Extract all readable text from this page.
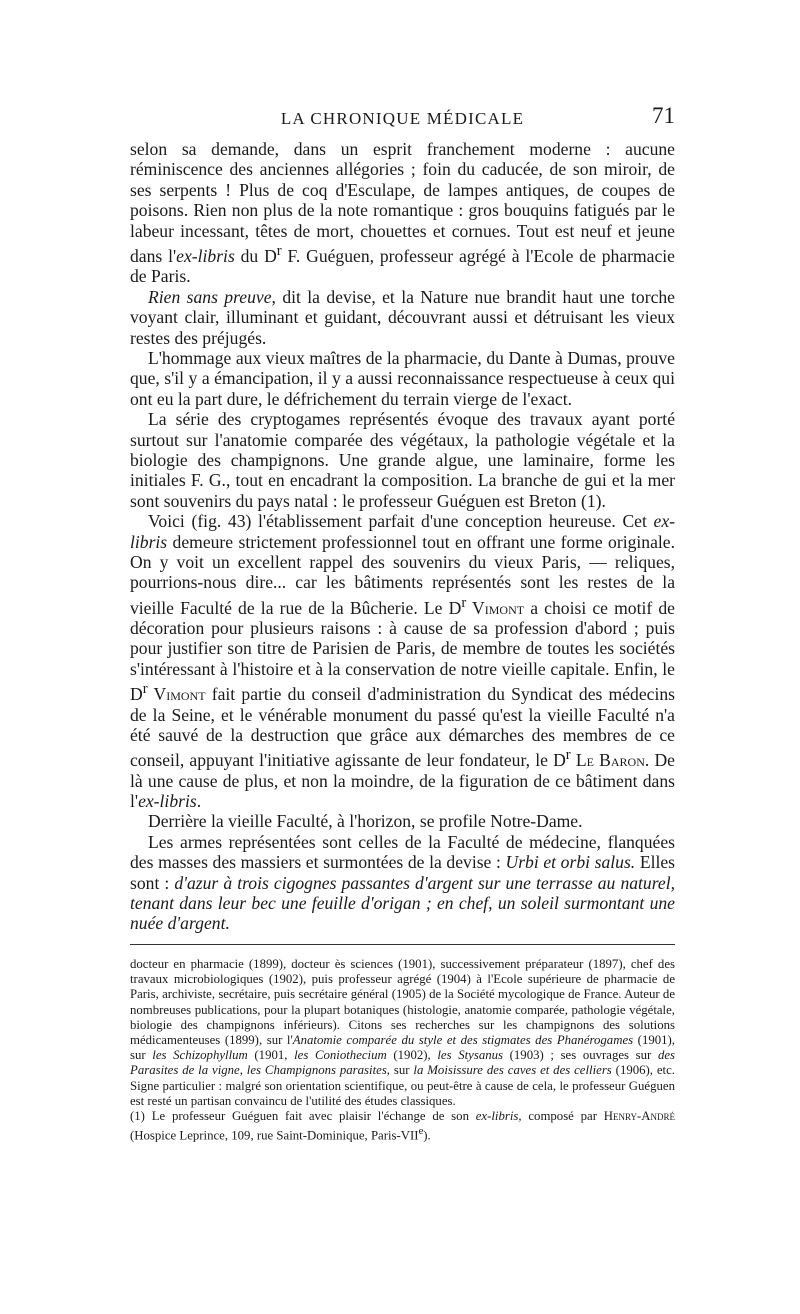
LA CHRONIQUE MÉDICALE	71

selon sa demande, dans un esprit franchement moderne : aucune réminiscence des anciennes allégories ; foin du caducée, de son miroir, de ses serpents ! Plus de coq d'Esculape, de lampes antiques, de coupes de poisons. Rien non plus de la note romantique : gros bouquins fatigués par le labeur incessant, têtes de mort, chouettes et cornues. Tout est neuf et jeune dans l'ex-libris du $D^r$ F. Guéguen, professeur agrégé à l'Ecole de pharmacie de Paris.

Rien sans preuve, dit la devise, et la Nature nue brandit haut une torche voyant clair, illuminant et guidant, découvrant aussi et détruisant les vieux restes des préjugés.

L'hommage aux vieux maîtres de la pharmacie, du Dante à Dumas, prouve que, s'il y a émancipation, il y a aussi reconnaissance respectueuse à ceux qui ont eu la part dure, le défrichement du terrain vierge de l'exact.

La série des cryptogames représentés évoque des travaux ayant porté surtout sur l'anatomie comparée des végétaux, la pathologie végétale et la biologie des champignons. Une grande algue, une laminaire, forme les initiales F. G., tout en encadrant la composition. La branche de gui et la mer sont souvenirs du pays natal : le professeur Guéguen est Breton (1).

Voici (fig. 43) l'établissement parfait d'une conception heureuse. Cet ex-libris demeure strictement professionnel tout en offrant une forme originale. On y voit un excellent rappel des souvenirs du vieux Paris, — reliques, pourrions-nous dire... car les bâtiments représentés sont les restes de la vieille Faculté de la rue de la Bûcherie. Le $D^r$ Vimont a choisi ce motif de décoration pour plusieurs raisons : à cause de sa profession d'abord ; puis pour justifier son titre de Parisien de Paris, de membre de toutes les sociétés s'intéressant à l'histoire et à la conservation de notre vieille capitale. Enfin, le $D^r$ Vimont fait partie du conseil d'administration du Syndicat des médecins de la Seine, et le vénérable monument du passé qu'est la vieille Faculté n'a été sauvé de la destruction que grâce aux démarches des membres de ce conseil, appuyant l'initiative agissante de leur fondateur, le $D^r$ Le Baron. De là une cause de plus, et non la moindre, de la figuration de ce bâtiment dans l'ex-libris.

Derrière la vieille Faculté, à l'horizon, se profile Notre-Dame.

Les armes représentées sont celles de la Faculté de médecine, flanquées des masses des massiers et surmontées de la devise : Urbi et orbi salus. Elles sont : d'azur à trois cigognes passantes d'argent sur une terrasse au naturel, tenant dans leur bec une feuille d'origan ; en chef, un soleil surmontant une nuée d'argent.

docteur en pharmacie (1899), docteur ès sciences (1901), successivement préparateur (1897), chef des travaux microbiologiques (1902), puis professeur agrégé (1904) à l'Ecole supérieure de pharmacie de Paris, archiviste, secrétaire, puis secrétaire général (1905) de la Société mycologique de France. Auteur de nombreuses publications, pour la plupart botaniques (histologie, anatomie comparée, pathologie végétale, biologie des champignons inférieurs). Citons ses recherches sur les champignons des solutions médicamenteuses (1899), sur l'Anatomie comparée du style et des stigmates des Phanérogames (1901), sur les Schizophyllum (1901, les Coniothecium (1902), les Stysanus (1903) ; ses ouvrages sur des Parasites de la vigne, les Champignons parasites, sur la Moisissure des caves et des celliers (1906), etc. Signe particulier : malgré son orientation scientifique, ou peut-être à cause de cela, le professeur Guéguen est resté un partisan convaincu de l'utilité des études classiques.

(1) Le professeur Guéguen fait avec plaisir l'échange de son ex-libris, composé par Henry-André (Hospice Leprince, 109, rue Saint-Dominique, Paris-VIIe).
